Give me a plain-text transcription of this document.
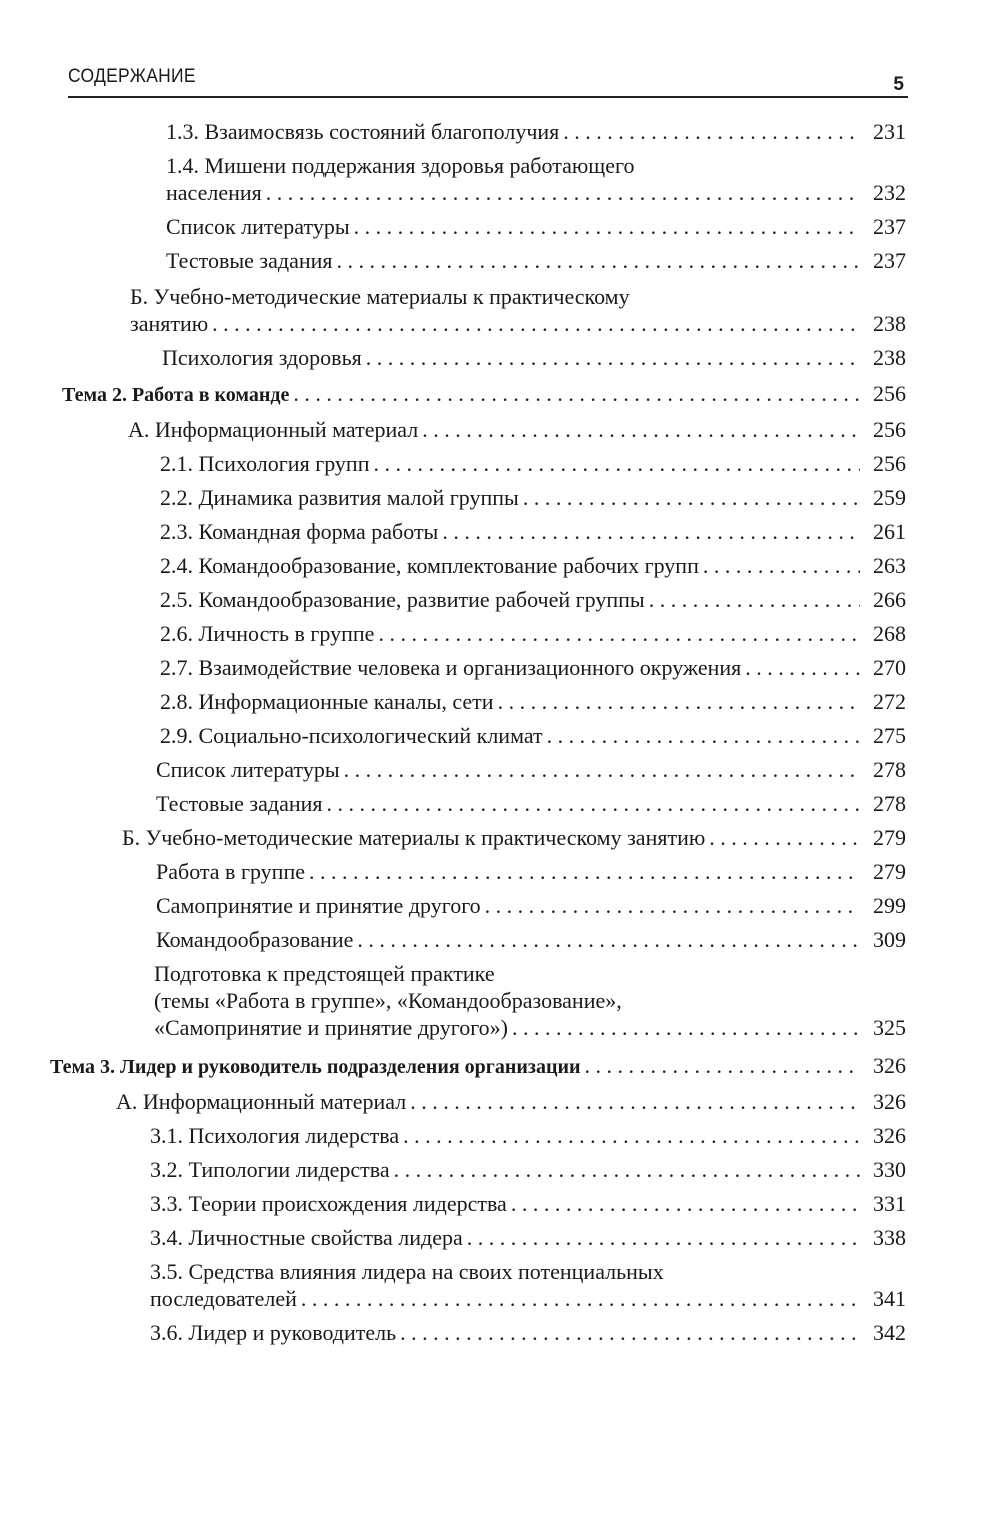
СОДЕРЖАНИЕ	5
1.3. Взаимосвязь состояний благополучия . . .	231
1.4. Мишени поддержания здоровья работающего
населения . . .	232
Список литературы . . .	237
Тестовые задания . . .	237
Б. Учебно-методические материалы к практическому
занятию . . .	238
Психология здоровья . . .	238
Тема 2. Работа в команде . . .	256
А. Информационный материал . . .	256
2.1. Психология групп . . .	256
2.2. Динамика развития малой группы . . .	259
2.3. Командная форма работы . . .	261
2.4. Командообразование, комплектование рабочих групп . . .	263
2.5. Командообразование, развитие рабочей группы . . .	266
2.6. Личность в группе . . .	268
2.7. Взаимодействие человека и организационного окружения . . .	270
2.8. Информационные каналы, сети . . .	272
2.9. Социально-психологический климат . . .	275
Список литературы . . .	278
Тестовые задания . . .	278
Б. Учебно-методические материалы к практическому занятию . . .	279
Работа в группе . . .	279
Самопринятие и принятие другого . . .	299
Командообразование . . .	309
Подготовка к предстоящей практике
(темы «Работа в группе», «Командообразование»,
«Самопринятие и принятие другого») . . .	325
Тема 3. Лидер и руководитель подразделения организации . . .	326
А. Информационный материал . . .	326
3.1. Психология лидерства . . .	326
3.2. Типологии лидерства . . .	330
3.3. Теории происхождения лидерства . . .	331
3.4. Личностные свойства лидера . . .	338
3.5. Средства влияния лидера на своих потенциальных
последователей . . .	341
3.6. Лидер и руководитель . . .	342
